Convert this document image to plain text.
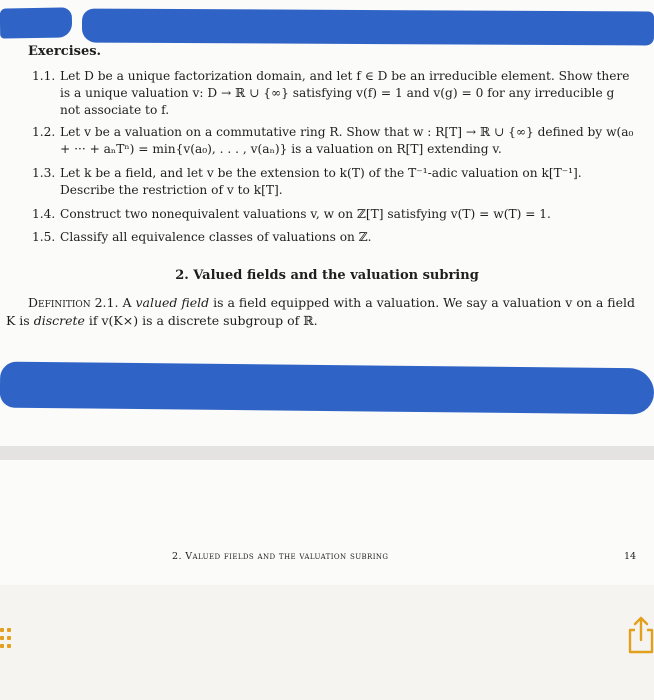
Exercises.
1.1. Let D be a unique factorization domain, and let f ∈ D be an irreducible element. Show there is a unique valuation v: D → ℝ ∪ {∞} satisfying v(f) = 1 and v(g) = 0 for any irreducible g not associate to f.
1.2. Let v be a valuation on a commutative ring R. Show that w : R[T] → ℝ ∪ {∞} defined by w(a₀ + ··· + aₙTⁿ) = min{v(a₀), . . . , v(aₙ)} is a valuation on R[T] extending v.
1.3. Let k be a field, and let v be the extension to k(T) of the T⁻¹-adic valuation on k[T⁻¹]. Describe the restriction of v to k[T].
1.4. Construct two nonequivalent valuations v, w on ℤ[T] satisfying v(T) = w(T) = 1.
1.5. Classify all equivalence classes of valuations on ℤ.
2. Valued fields and the valuation subring
Definition 2.1. A valued field is a field equipped with a valuation. We say a valuation v on a field K is discrete if v(K×) is a discrete subgroup of ℝ.
2. Valued fields and the valuation subring	14
